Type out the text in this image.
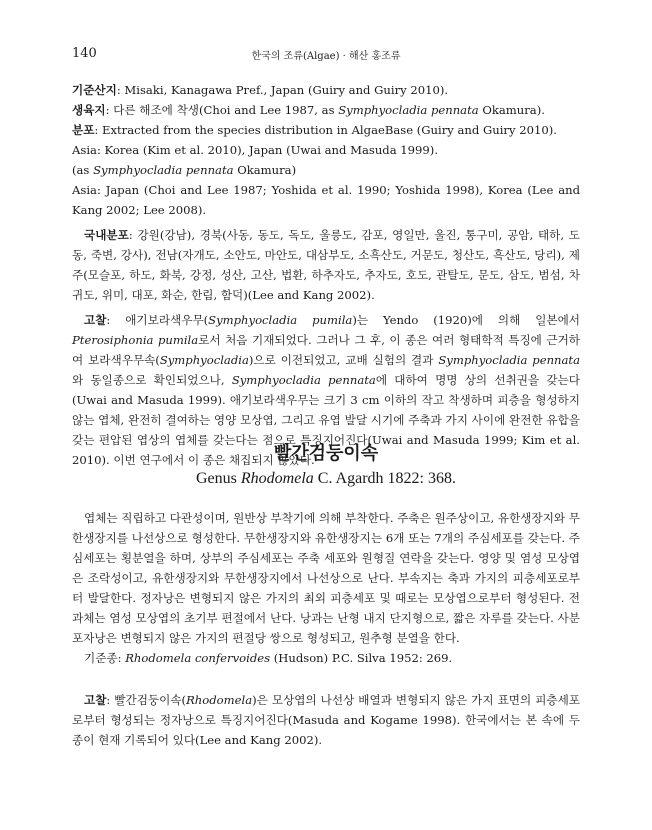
140	한국의 조류(Algae) · 해산 홍조류

기준산지: Misaki, Kanagawa Pref., Japan (Guiry and Guiry 2010).

생육지: 다른 해조에 착생(Choi and Lee 1987, as Symphyocladia pennata Okamura).

분포: Extracted from the species distribution in AlgaeBase (Guiry and Guiry 2010).

Asia: Korea (Kim et al. 2010), Japan (Uwai and Masuda 1999).

(as Symphyocladia pennata Okamura)

Asia: Japan (Choi and Lee 1987; Yoshida et al. 1990; Yoshida 1998), Korea (Lee and Kang 2002; Lee 2008).

국내분포: 강원(강남), 경북(사동, 동도, 독도, 울릉도, 감포, 영일만, 울진, 통구미, 공암, 태하, 도동, 죽변, 강사), 전남(자개도, 소안도, 마안도, 대삼부도, 소흑산도, 거문도, 청산도, 흑산도, 당리), 제주(모슬포, 하도, 화북, 강정, 성산, 고산, 법환, 하추자도, 추자도, 호도, 관탈도, 문도, 삼도, 범섬, 차귀도, 위미, 대포, 화순, 한림, 함덕)(Lee and Kang 2002).

고찰: 애기보라색우무(Symphyocladia pumila)는 Yendo (1920)에 의해 일본에서 Pterosiphonia pumila로서 처음 기재되었다. 그러나 그 후, 이 종은 여러 형태학적 특징에 근거하여 보라색우무속(Symphyocladia)으로 이전되었고, 교배 실험의 결과 Symphyocladia pennata와 동일종으로 확인되었으나, Symphyocladia pennata에 대하여 명명 상의 선취권을 갖는다(Uwai and Masuda 1999). 애기보라색우무는 크기 3 cm 이하의 작고 착생하며 피층을 형성하지 않는 엽체, 완전히 결여하는 영양 모상엽, 그리고 유엽 발달 시기에 주축과 가지 사이에 완전한 유합을 갖는 편압된 엽상의 엽체를 갖는다는 점으로 특징지어진다(Uwai and Masuda 1999; Kim et al. 2010). 이번 연구에서 이 종은 채집되지 않았다.

빨간검둥이속

Genus Rhodomela C. Agardh 1822: 368.

엽체는 직립하고 다관성이며, 원반상 부착기에 의해 부착한다. 주축은 원주상이고, 유한생장지와 무한생장지를 나선상으로 형성한다. 무한생장지와 유한생장지는 6개 또는 7개의 주심세포를 갖는다. 주심세포는 횡분열을 하며, 상부의 주심세포는 주축 세포와 원형질 연락을 갖는다. 영양 및 염성 모상엽은 조락성이고, 유한생장지와 무한생장지에서 나선상으로 난다. 부속지는 축과 가지의 피층세포로부터 발달한다. 정자낭은 변형되지 않은 가지의 최외 피층세포 및 때로는 모상엽으로부터 형성된다. 전과체는 염성 모상엽의 초기부 편절에서 난다. 낭과는 난형 내지 단지형으로, 짧은 자루를 갖는다. 사분포자낭은 변형되지 않은 가지의 편절당 쌍으로 형성되고, 원추형 분열을 한다.

기준종: Rhodomela confervoides (Hudson) P.C. Silva 1952: 269.

고찰: 빨간검둥이속(Rhodomela)은 모상엽의 나선상 배열과 변형되지 않은 가지 표면의 피층세포로부터 형성되는 정자낭으로 특징지어진다(Masuda and Kogame 1998). 한국에서는 본 속에 두 종이 현재 기록되어 있다(Lee and Kang 2002).
